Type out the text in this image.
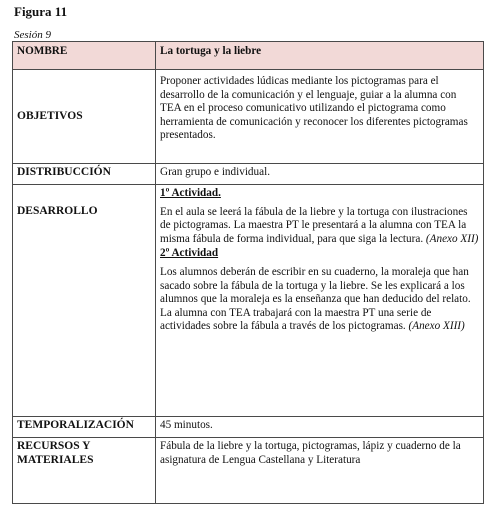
Figura 11
Sesión 9
NOMBRE	La tortuga y la liebre
OBJETIVOS	Proponer actividades lúdicas mediante los pictogramas para el desarrollo de la comunicación y el lenguaje, guiar a la alumna con TEA en el proceso comunicativo utilizando el pictograma como herramienta de comunicación y reconocer los diferentes pictogramas presentados.
DISTRIBUCCIÓN	Gran grupo e individual.
DESARROLLO	1º Actividad.

En el aula se leerá la fábula de la liebre y la tortuga con ilustraciones de pictogramas. La maestra PT le presentará a la alumna con TEA la misma fábula de forma individual, para que siga la lectura. (Anexo XII)

2º Actividad

Los alumnos deberán de escribir en su cuaderno, la moraleja que han sacado sobre la fábula de la tortuga y la liebre. Se les explicará a los alumnos que la moraleja es la enseñanza que han deducido del relato. La alumna con TEA trabajará con la maestra PT una serie de actividades sobre la fábula a través de los pictogramas. (Anexo XIII)

TEMPORALIZACIÓN	45 minutos.

RECURSOS Y
MATERIALES	Fábula de la liebre y la tortuga, pictogramas, lápiz y cuaderno de la asignatura de Lengua Castellana y Literatura
